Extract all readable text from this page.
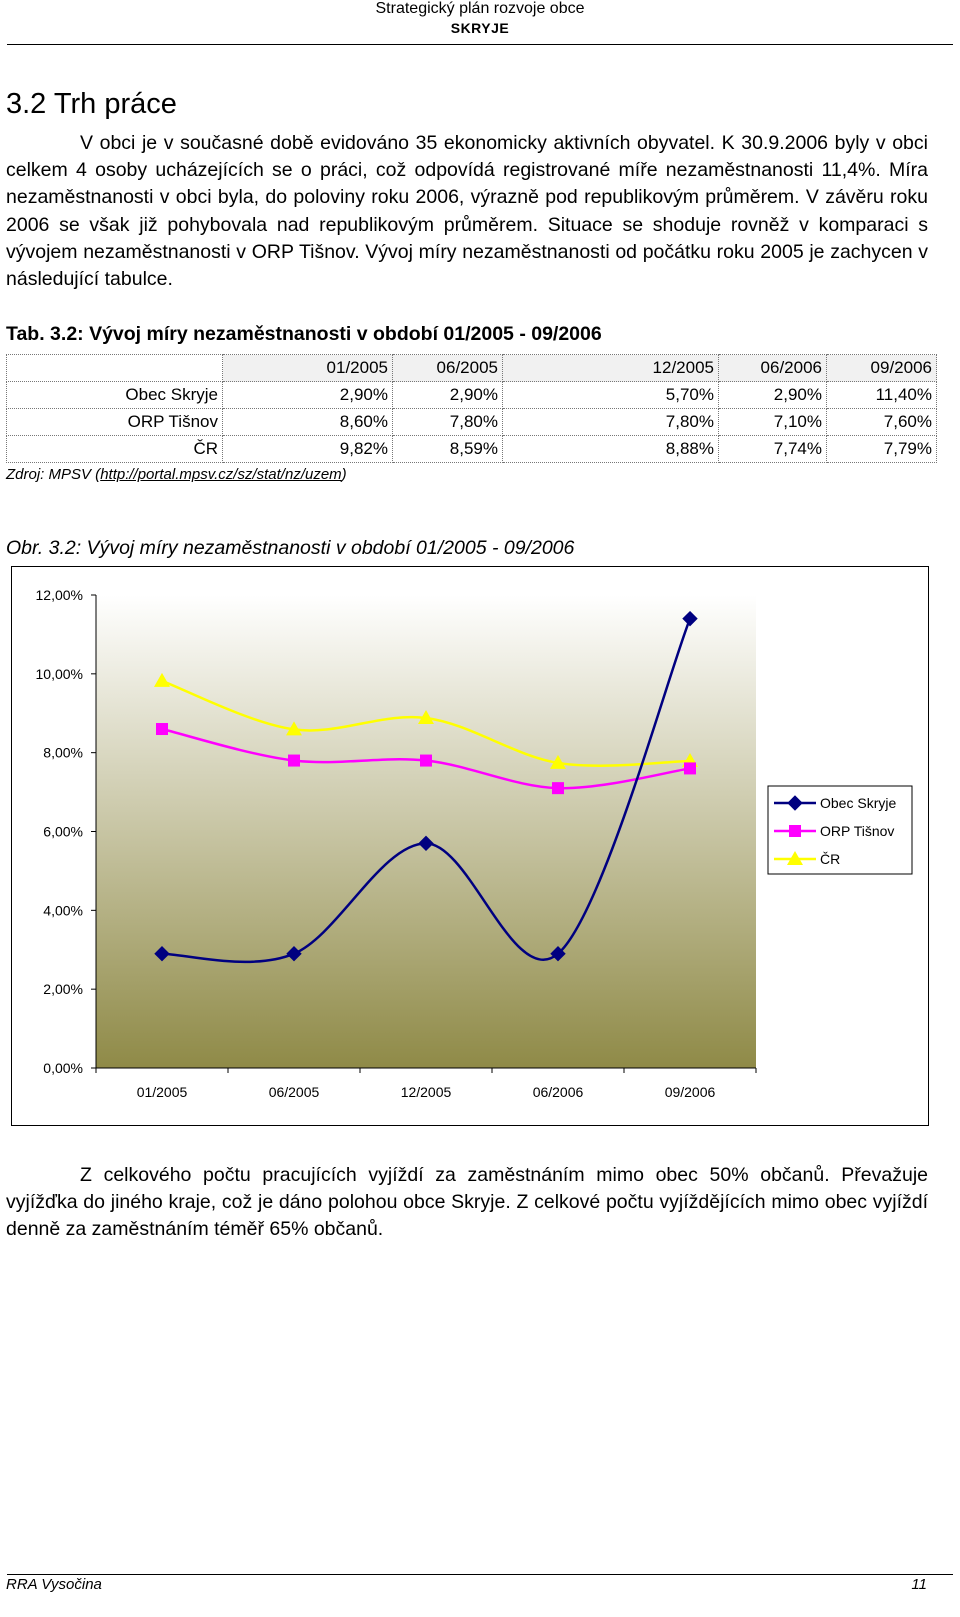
Strategický plán rozvoje obce
SKRYJE
3.2 Trh práce

V obci je v současné době evidováno 35 ekonomicky aktivních obyvatel. K 30.9.2006 byly v obci celkem 4 osoby ucházejících se o práci, což odpovídá registrované míře nezaměstnanosti 11,4%. Míra nezaměstnanosti v obci byla, do poloviny roku 2006, výrazně pod republikovým průměrem. V závěru roku 2006 se však již pohybovala nad republikovým průměrem. Situace se shoduje rovněž v komparaci s vývojem nezaměstnanosti v ORP Tišnov. Vývoj míry nezaměstnanosti od počátku roku 2005 je zachycen v následující tabulce.

Tab. 3.2: Vývoj míry nezaměstnanosti v období 01/2005 - 09/2006
	01/2005	06/2005	12/2005	06/2006	09/2006
Obec Skryje	2,90%	2,90%	5,70%	2,90%	11,40%
ORP Tišnov	8,60%	7,80%	7,80%	7,10%	7,60%
ČR	9,82%	8,59%	8,88%	7,74%	7,79%
Zdroj: MPSV (http://portal.mpsv.cz/sz/stat/nz/uzem)
Obr. 3.2: Vývoj míry nezaměstnanosti v období 01/2005 - 09/2006
0,00%
2,00%
4,00%
6,00%
8,00%
10,00%
12,00%
01/2005	06/2005	12/2005	06/2006	09/2006
Obec Skryje
ORP Tišnov
ČR

Z celkového počtu pracujících vyjíždí za zaměstnáním mimo obec 50% občanů. Převažuje vyjížďka do jiného kraje, což je dáno polohou obce Skryje. Z celkové počtu vyjíždějících mimo obec vyjíždí denně za zaměstnáním téměř 65% občanů.

RRA Vysočina	11
